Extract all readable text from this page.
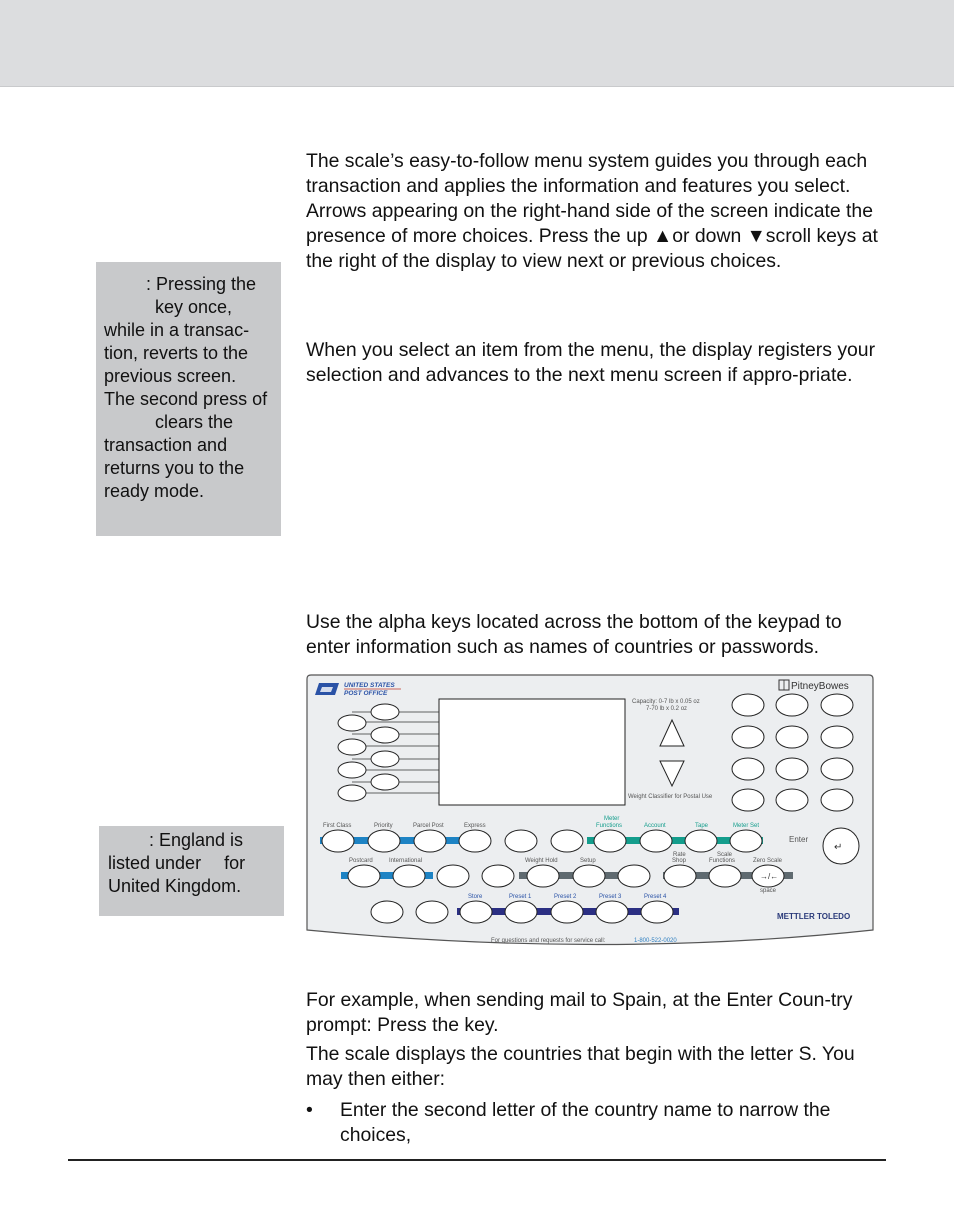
The scale’s easy-to-follow menu system guides you through each transaction and applies the information and features you select. Arrows appearing on the right-hand side of the screen indicate the presence of more choices. Press the up ▲or down ▼scroll keys at the right of the display to view next or previous choices.

: Pressing the

key once,

while in a transac-

tion, reverts to the

previous screen.

The second press of

clears the

transaction and

returns you to the

ready mode.

When you select an item from the menu, the display registers your selection and advances to the next menu screen if appro-priate.

Use the alpha keys located across the bottom of the keypad to enter information such as names of countries or passwords.

: England is

listed under for

United Kingdom.

UNITED STATES
POST OFFICE
PitneyBowes
Capacity: 0-7 lb x 0.05 oz
7-70 lb x 0.2 oz
Weight Classifier for Postal Use
First Class	Priority	Parcel Post	Express
Meter
Functions	Account	Tape	Meter Set
Enter
↵
Postcard	International	Weight Hold	Setup
Rate
Shop
Scale
Functions	Zero Scale
→/←
space
Store	Preset 1	Preset 2	Preset 3	Preset 4
METTLER TOLEDO
For questions and requests for service call:	1-800-522-0020

For example, when sending mail to Spain, at the Enter Coun-try prompt: Press the key.

The scale displays the countries that begin with the letter S. You may then either:

• Enter the second letter of the country name to narrow the choices,
